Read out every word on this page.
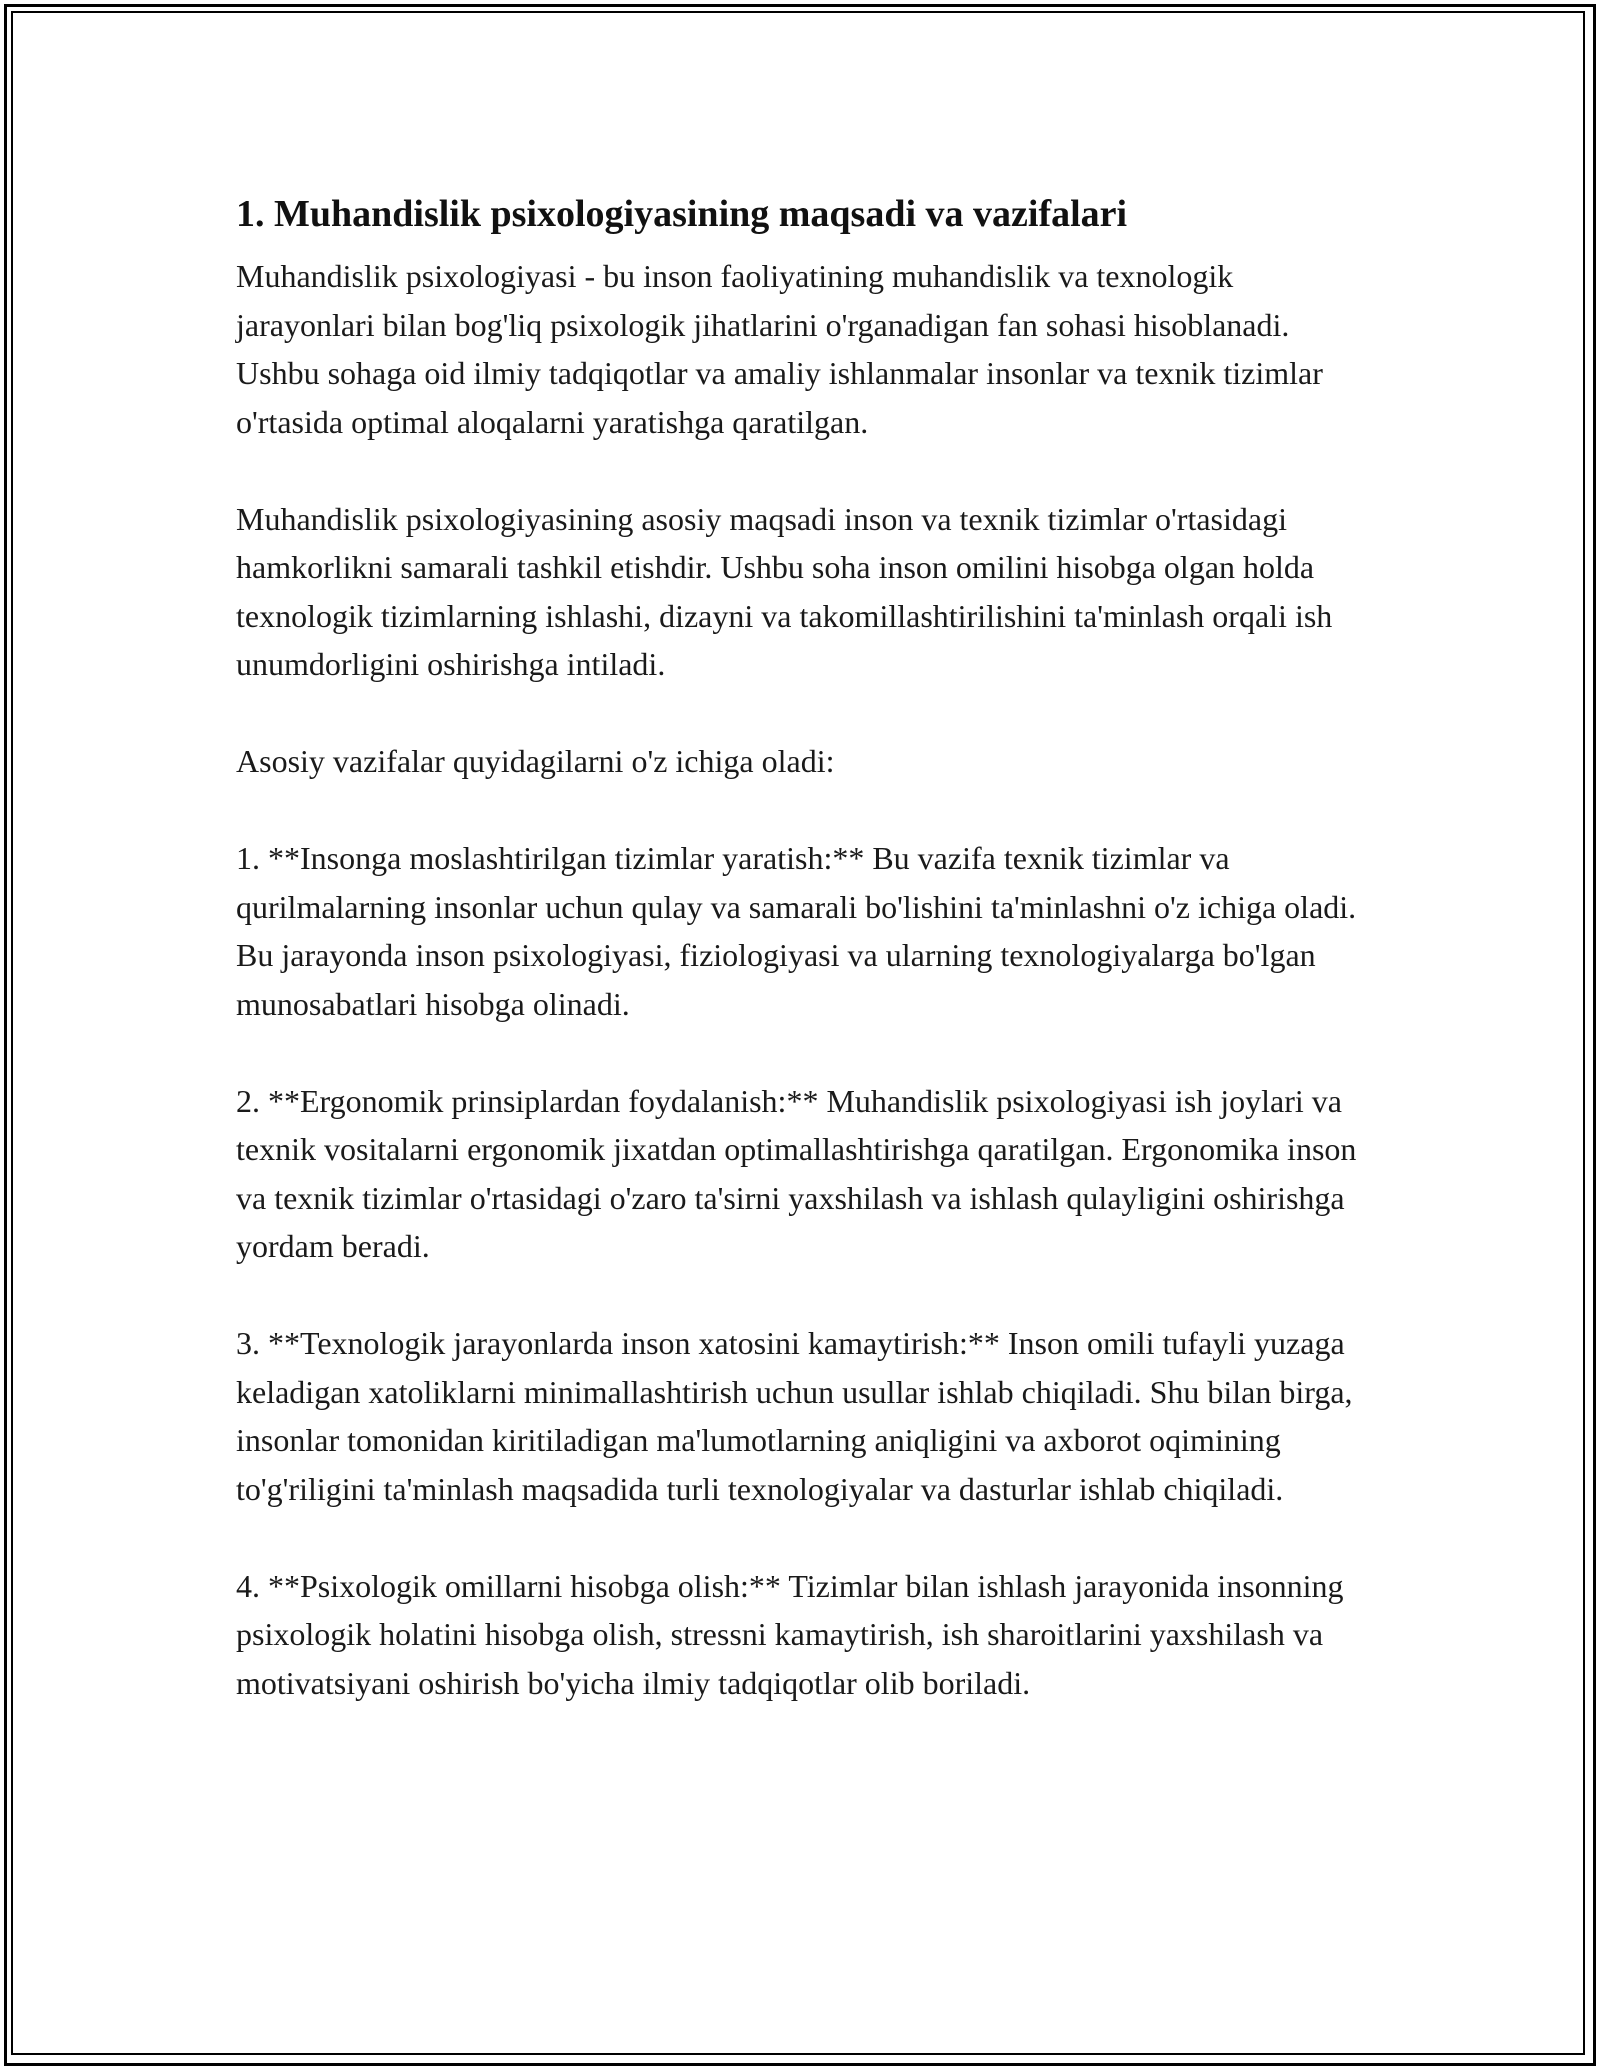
1. Muhandislik psixologiyasining maqsadi va vazifalari

Muhandislik psixologiyasi - bu inson faoliyatining muhandislik va texnologik jarayonlari bilan bog'liq psixologik jihatlarini o'rganadigan fan sohasi hisoblanadi. Ushbu sohaga oid ilmiy tadqiqotlar va amaliy ishlanmalar insonlar va texnik tizimlar o'rtasida optimal aloqalarni yaratishga qaratilgan.

Muhandislik psixologiyasining asosiy maqsadi inson va texnik tizimlar o'rtasidagi hamkorlikni samarali tashkil etishdir. Ushbu soha inson omilini hisobga olgan holda texnologik tizimlarning ishlashi, dizayni va takomillashtirilishini ta'minlash orqali ish unumdorligini oshirishga intiladi.

Asosiy vazifalar quyidagilarni o'z ichiga oladi:

1. **Insonga moslashtirilgan tizimlar yaratish:** Bu vazifa texnik tizimlar va qurilmalarning insonlar uchun qulay va samarali bo'lishini ta'minlashni o'z ichiga oladi. Bu jarayonda inson psixologiyasi, fiziologiyasi va ularning texnologiyalarga bo'lgan munosabatlari hisobga olinadi.

2. **Ergonomik prinsiplardan foydalanish:** Muhandislik psixologiyasi ish joylari va texnik vositalarni ergonomik jixatdan optimallashtirishga qaratilgan. Ergonomika inson va texnik tizimlar o'rtasidagi o'zaro ta'sirni yaxshilash va ishlash qulayligini oshirishga yordam beradi.

3. **Texnologik jarayonlarda inson xatosini kamaytirish:** Inson omili tufayli yuzaga keladigan xatoliklarni minimallashtirish uchun usullar ishlab chiqiladi. Shu bilan birga, insonlar tomonidan kiritiladigan ma'lumotlarning aniqligini va axborot oqimining to'g'riligini ta'minlash maqsadida turli texnologiyalar va dasturlar ishlab chiqiladi.

4. **Psixologik omillarni hisobga olish:** Tizimlar bilan ishlash jarayonida insonning psixologik holatini hisobga olish, stressni kamaytirish, ish sharoitlarini yaxshilash va motivatsiyani oshirish bo'yicha ilmiy tadqiqotlar olib boriladi.
